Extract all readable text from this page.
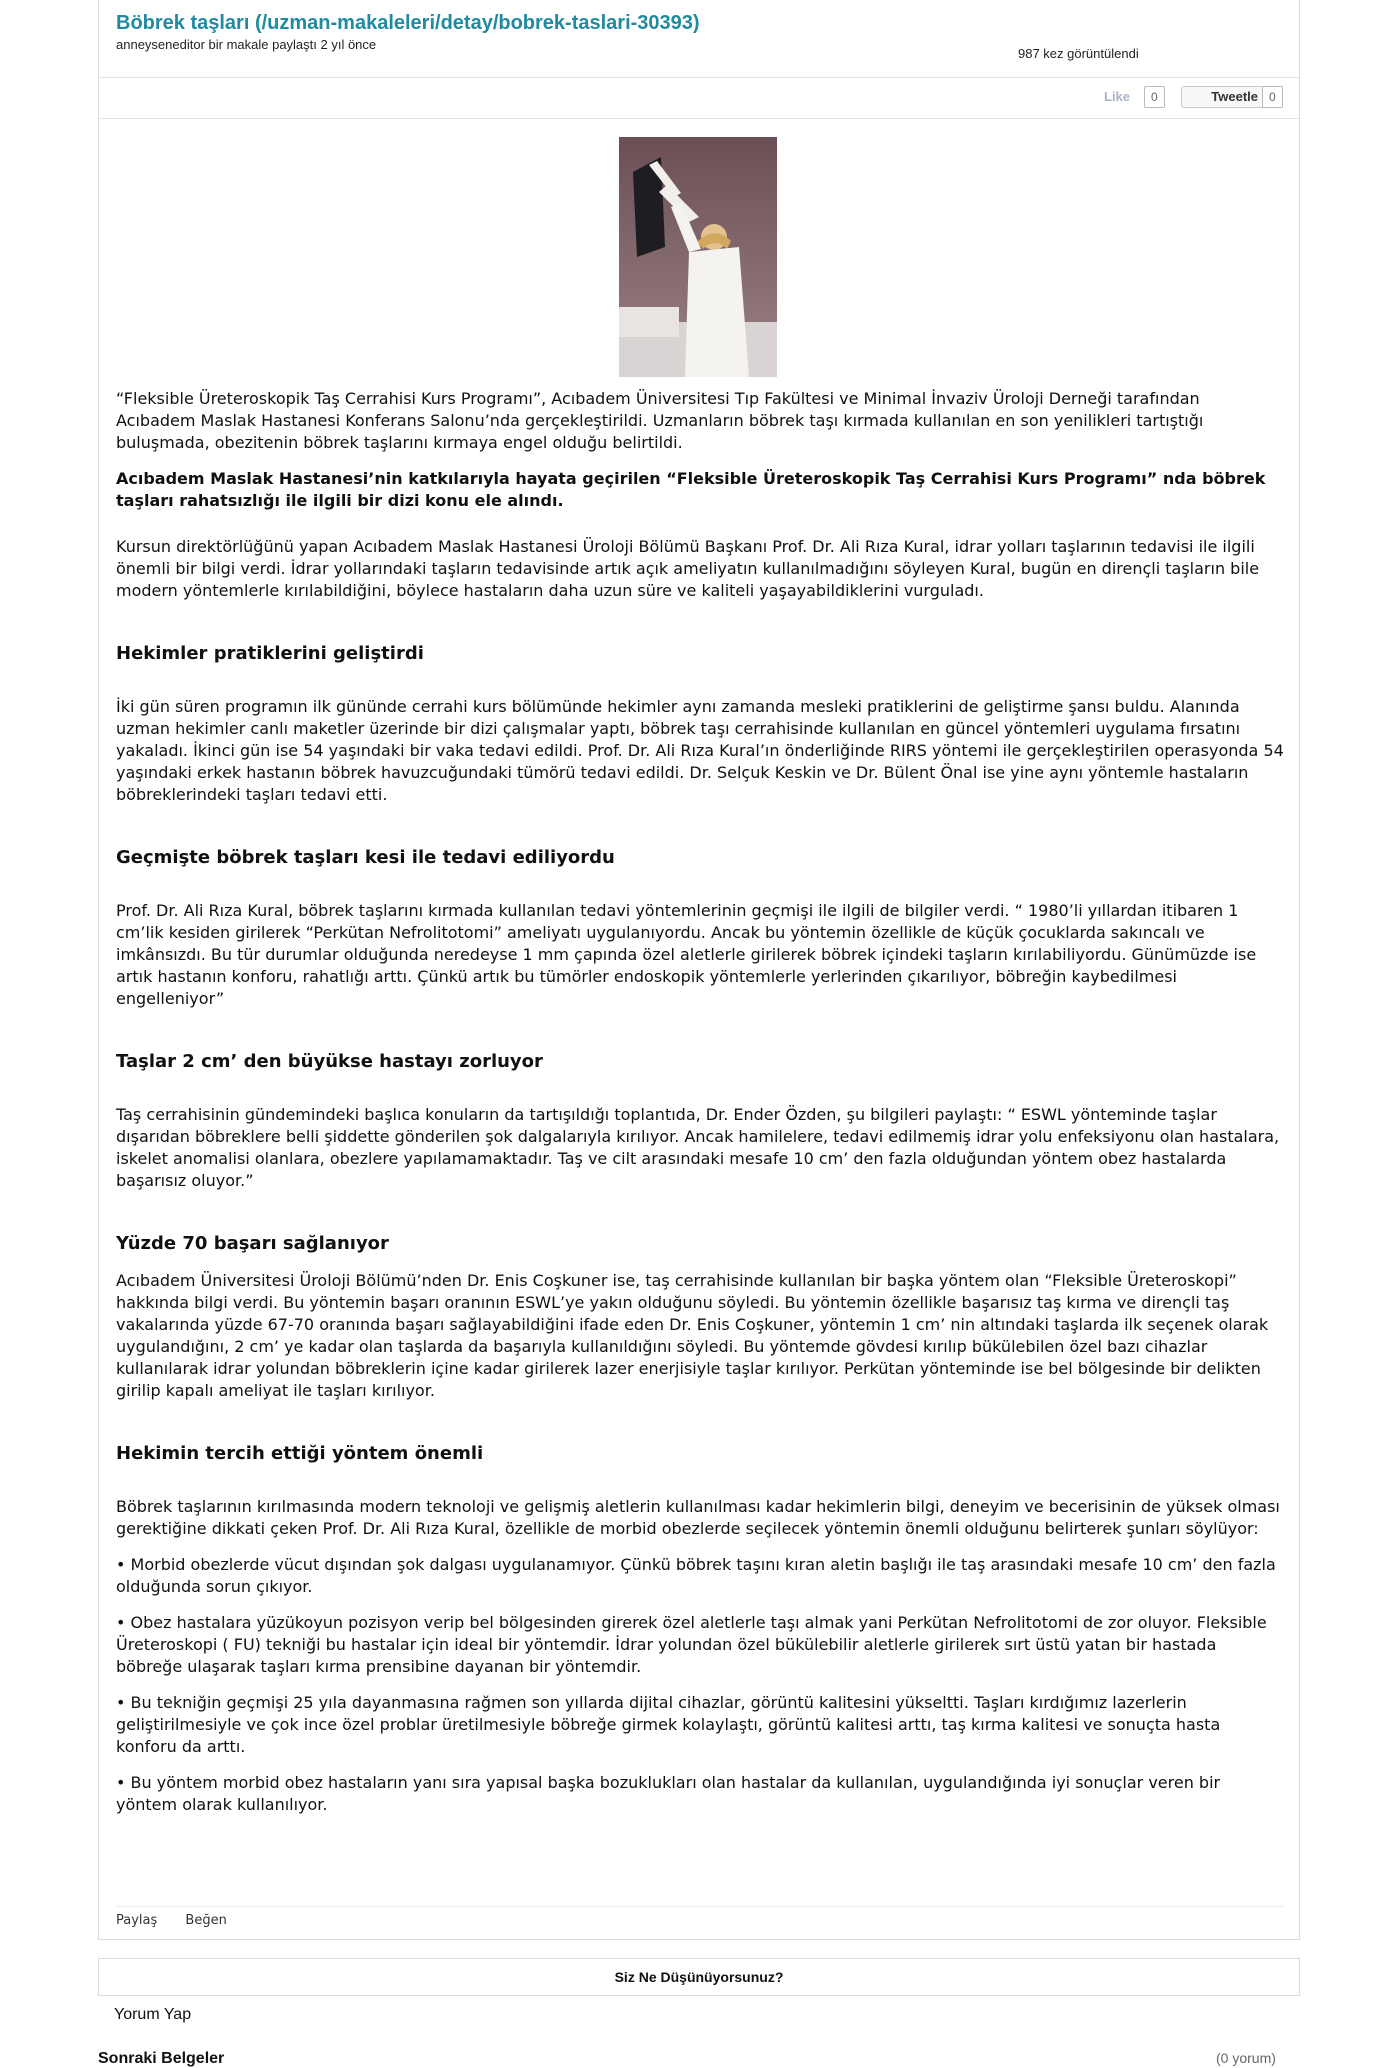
Böbrek taşları (/uzman-makaleleri/detay/bobrek-taslari-30393)
anneyseneditor bir makale paylaştı 2 yıl önce
987 kez görüntülendi
Like	0	Tweetle 0

“Fleksible Üreteroskopik Taş Cerrahisi Kurs Programı”, Acıbadem Üniversitesi Tıp Fakültesi ve Minimal İnvaziv Üroloji Derneği tarafından Acıbadem Maslak Hastanesi Konferans Salonu’nda gerçekleştirildi. Uzmanların böbrek taşı kırmada kullanılan en son yenilikleri tartıştığı buluşmada, obezitenin böbrek taşlarını kırmaya engel olduğu belirtildi.

Acıbadem Maslak Hastanesi’nin katkılarıyla hayata geçirilen “Fleksible Üreteroskopik Taş Cerrahisi Kurs Programı” nda böbrek taşları rahatsızlığı ile ilgili bir dizi konu ele alındı.

Kursun direktörlüğünü yapan Acıbadem Maslak Hastanesi Üroloji Bölümü Başkanı Prof. Dr. Ali Rıza Kural, idrar yolları taşlarının tedavisi ile ilgili önemli bir bilgi verdi. İdrar yollarındaki taşların tedavisinde artık açık ameliyatın kullanılmadığını söyleyen Kural, bugün en dirençli taşların bile modern yöntemlerle kırılabildiğini, böylece hastaların daha uzun süre ve kaliteli yaşayabildiklerini vurguladı.

Hekimler pratiklerini geliştirdi

İki gün süren programın ilk gününde cerrahi kurs bölümünde hekimler aynı zamanda mesleki pratiklerini de geliştirme şansı buldu. Alanında uzman hekimler canlı maketler üzerinde bir dizi çalışmalar yaptı, böbrek taşı cerrahisinde kullanılan en güncel yöntemleri uygulama fırsatını yakaladı. İkinci gün ise 54 yaşındaki bir vaka tedavi edildi. Prof. Dr. Ali Rıza Kural’ın önderliğinde RIRS yöntemi ile gerçekleştirilen operasyonda 54 yaşındaki erkek hastanın böbrek havuzcuğundaki tümörü tedavi edildi. Dr. Selçuk Keskin ve Dr. Bülent Önal ise yine aynı yöntemle hastaların böbreklerindeki taşları tedavi etti.

Geçmişte böbrek taşları kesi ile tedavi ediliyordu

Prof. Dr. Ali Rıza Kural, böbrek taşlarını kırmada kullanılan tedavi yöntemlerinin geçmişi ile ilgili de bilgiler verdi. “ 1980’li yıllardan itibaren 1 cm’lik kesiden girilerek “Perkütan Nefrolitotomi” ameliyatı uygulanıyordu. Ancak bu yöntemin özellikle de küçük çocuklarda sakıncalı ve imkânsızdı. Bu tür durumlar olduğunda neredeyse 1 mm çapında özel aletlerle girilerek böbrek içindeki taşların kırılabiliyordu. Günümüzde ise artık hastanın konforu, rahatlığı arttı. Çünkü artık bu tümörler endoskopik yöntemlerle yerlerinden çıkarılıyor, böbreğin kaybedilmesi engelleniyor”

Taşlar 2 cm’ den büyükse hastayı zorluyor

Taş cerrahisinin gündemindeki başlıca konuların da tartışıldığı toplantıda, Dr. Ender Özden, şu bilgileri paylaştı: “ ESWL yönteminde taşlar dışarıdan böbreklere belli şiddette gönderilen şok dalgalarıyla kırılıyor. Ancak hamilelere, tedavi edilmemiş idrar yolu enfeksiyonu olan hastalara, iskelet anomalisi olanlara, obezlere yapılamamaktadır. Taş ve cilt arasındaki mesafe 10 cm’ den fazla olduğundan yöntem obez hastalarda başarısız oluyor.”

Yüzde 70 başarı sağlanıyor

Acıbadem Üniversitesi Üroloji Bölümü’nden Dr. Enis Coşkuner ise, taş cerrahisinde kullanılan bir başka yöntem olan “Fleksible Üreteroskopi” hakkında bilgi verdi. Bu yöntemin başarı oranının ESWL’ye yakın olduğunu söyledi. Bu yöntemin özellikle başarısız taş kırma ve dirençli taş vakalarında yüzde 67-70 oranında başarı sağlayabildiğini ifade eden Dr. Enis Coşkuner, yöntemin 1 cm’ nin altındaki taşlarda ilk seçenek olarak uygulandığını, 2 cm’ ye kadar olan taşlarda da başarıyla kullanıldığını söyledi. Bu yöntemde gövdesi kırılıp bükülebilen özel bazı cihazlar kullanılarak idrar yolundan böbreklerin içine kadar girilerek lazer enerjisiyle taşlar kırılıyor. Perkütan yönteminde ise bel bölgesinde bir delikten girilip kapalı ameliyat ile taşları kırılıyor.

Hekimin tercih ettiği yöntem önemli

Böbrek taşlarının kırılmasında modern teknoloji ve gelişmiş aletlerin kullanılması kadar hekimlerin bilgi, deneyim ve becerisinin de yüksek olması gerektiğine dikkati çeken Prof. Dr. Ali Rıza Kural, özellikle de morbid obezlerde seçilecek yöntemin önemli olduğunu belirterek şunları söylüyor:

• Morbid obezlerde vücut dışından şok dalgası uygulanamıyor. Çünkü böbrek taşını kıran aletin başlığı ile taş arasındaki mesafe 10 cm’ den fazla olduğunda sorun çıkıyor.

• Obez hastalara yüzükoyun pozisyon verip bel bölgesinden girerek özel aletlerle taşı almak yani Perkütan Nefrolitotomi de zor oluyor. Fleksible Üreteroskopi ( FU) tekniği bu hastalar için ideal bir yöntemdir. İdrar yolundan özel bükülebilir aletlerle girilerek sırt üstü yatan bir hastada böbreğe ulaşarak taşları kırma prensibine dayanan bir yöntemdir.

• Bu tekniğin geçmişi 25 yıla dayanmasına rağmen son yıllarda dijital cihazlar, görüntü kalitesini yükseltti. Taşları kırdığımız lazerlerin geliştirilmesiyle ve çok ince özel problar üretilmesiyle böbreğe girmek kolaylaştı, görüntü kalitesi arttı, taş kırma kalitesi ve sonuçta hasta konforu da arttı.

• Bu yöntem morbid obez hastaların yanı sıra yapısal başka bozuklukları olan hastalar da kullanılan, uygulandığında iyi sonuçlar veren bir yöntem olarak kullanılıyor.

Paylaş Beğen
Siz Ne Düşünüyorsunuz?
Yorum Yap
Sonraki Belgeler	(0 yorum)
